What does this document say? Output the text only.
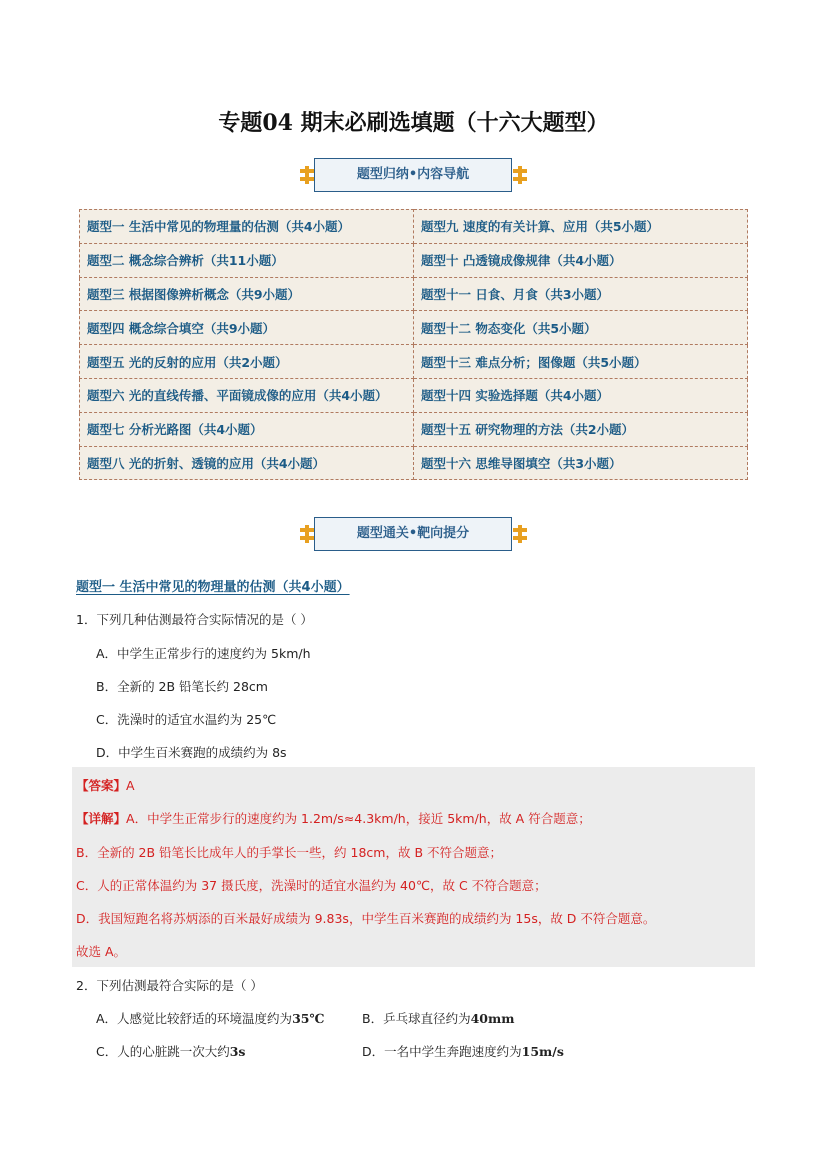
专题04 期末必刷选填题（十六大题型）
题型归纳•内容导航
题型一 生活中常见的物理量的估测（共4小题）	题型九 速度的有关计算、应用（共5小题）
题型二 概念综合辨析（共11小题）	题型十 凸透镜成像规律（共4小题）
题型三 根据图像辨析概念（共9小题）	题型十一 日食、月食（共3小题）
题型四 概念综合填空（共9小题）	题型十二 物态变化（共5小题）
题型五 光的反射的应用（共2小题）	题型十三 难点分析；图像题（共5小题）
题型六 光的直线传播、平面镜成像的应用（共4小题）	题型十四 实验选择题（共4小题）
题型七 分析光路图（共4小题）	题型十五 研究物理的方法（共2小题）
题型八 光的折射、透镜的应用（共4小题）	题型十六 思维导图填空（共3小题）
题型通关•靶向提分
题型一 生活中常见的物理量的估测（共4小题）
1．下列几种估测最符合实际情况的是（ ）
A．中学生正常步行的速度约为 5km/h
B．全新的 2B 铅笔长约 28cm
C．洗澡时的适宜水温约为 25℃
D．中学生百米赛跑的成绩约为 8s
【答案】A
【详解】A．中学生正常步行的速度约为 1.2m/s≈4.3km/h，接近 5km/h，故 A 符合题意；
B．全新的 2B 铅笔长比成年人的手掌长一些，约 18cm，故 B 不符合题意；
C．人的正常体温约为 37 摄氏度，洗澡时的适宜水温约为 40℃，故 C 不符合题意；
D．我国短跑名将苏炳添的百米最好成绩为 9.83s，中学生百米赛跑的成绩约为 15s，故 D 不符合题意。
故选 A。
2．下列估测最符合实际的是（ ）
A．人感觉比较舒适的环境温度约为35℃	B．乒乓球直径约为40mm
C．人的心脏跳一次大约3s	D．一名中学生奔跑速度约为15m/s
